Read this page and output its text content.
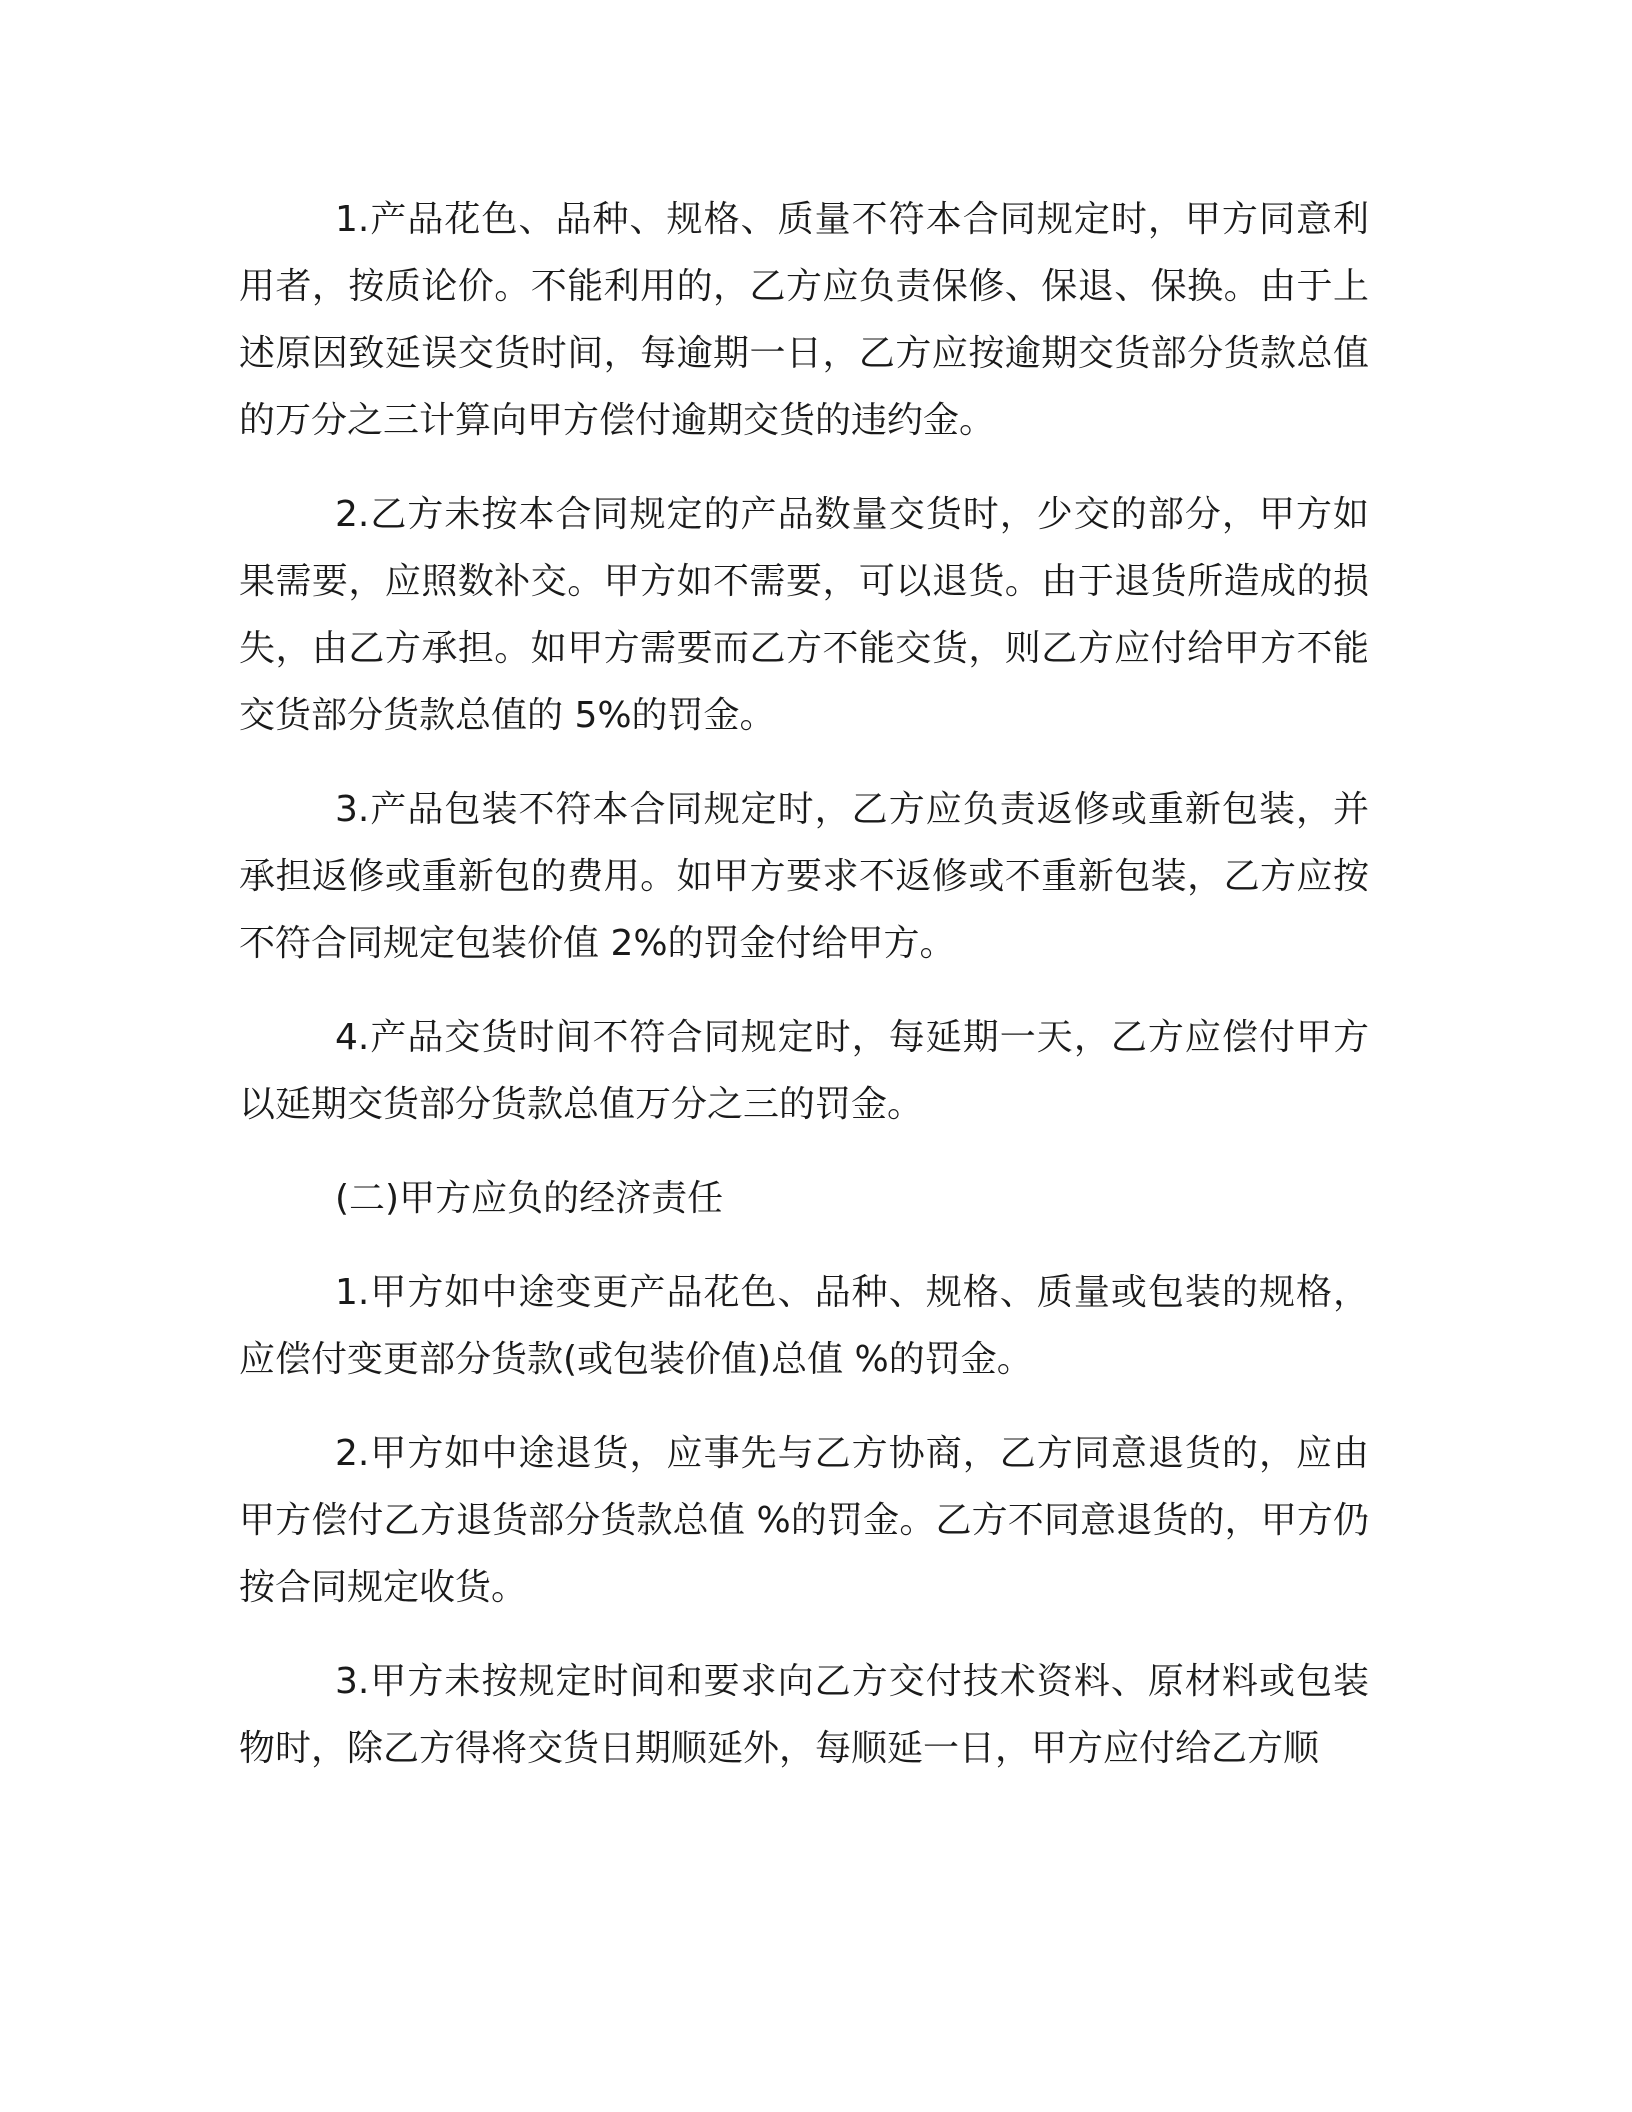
1.产品花色、品种、规格、质量不符本合同规定时，甲方同意利用者，按质论价。不能利用的，乙方应负责保修、保退、保换。由于上述原因致延误交货时间，每逾期一日，乙方应按逾期交货部分货款总值的万分之三计算向甲方偿付逾期交货的违约金。

2.乙方未按本合同规定的产品数量交货时，少交的部分，甲方如果需要，应照数补交。甲方如不需要，可以退货。由于退货所造成的损失，由乙方承担。如甲方需要而乙方不能交货，则乙方应付给甲方不能交货部分货款总值的 5%的罚金。

3.产品包装不符本合同规定时，乙方应负责返修或重新包装，并承担返修或重新包的费用。如甲方要求不返修或不重新包装，乙方应按不符合同规定包装价值 2%的罚金付给甲方。

4.产品交货时间不符合同规定时，每延期一天，乙方应偿付甲方以延期交货部分货款总值万分之三的罚金。

(二)甲方应负的经济责任

1.甲方如中途变更产品花色、品种、规格、质量或包装的规格，应偿付变更部分货款(或包装价值)总值 %的罚金。

2.甲方如中途退货，应事先与乙方协商，乙方同意退货的，应由甲方偿付乙方退货部分货款总值 %的罚金。乙方不同意退货的，甲方仍按合同规定收货。

3.甲方未按规定时间和要求向乙方交付技术资料、原材料或包装物时，除乙方得将交货日期顺延外，每顺延一日，甲方应付给乙方顺
